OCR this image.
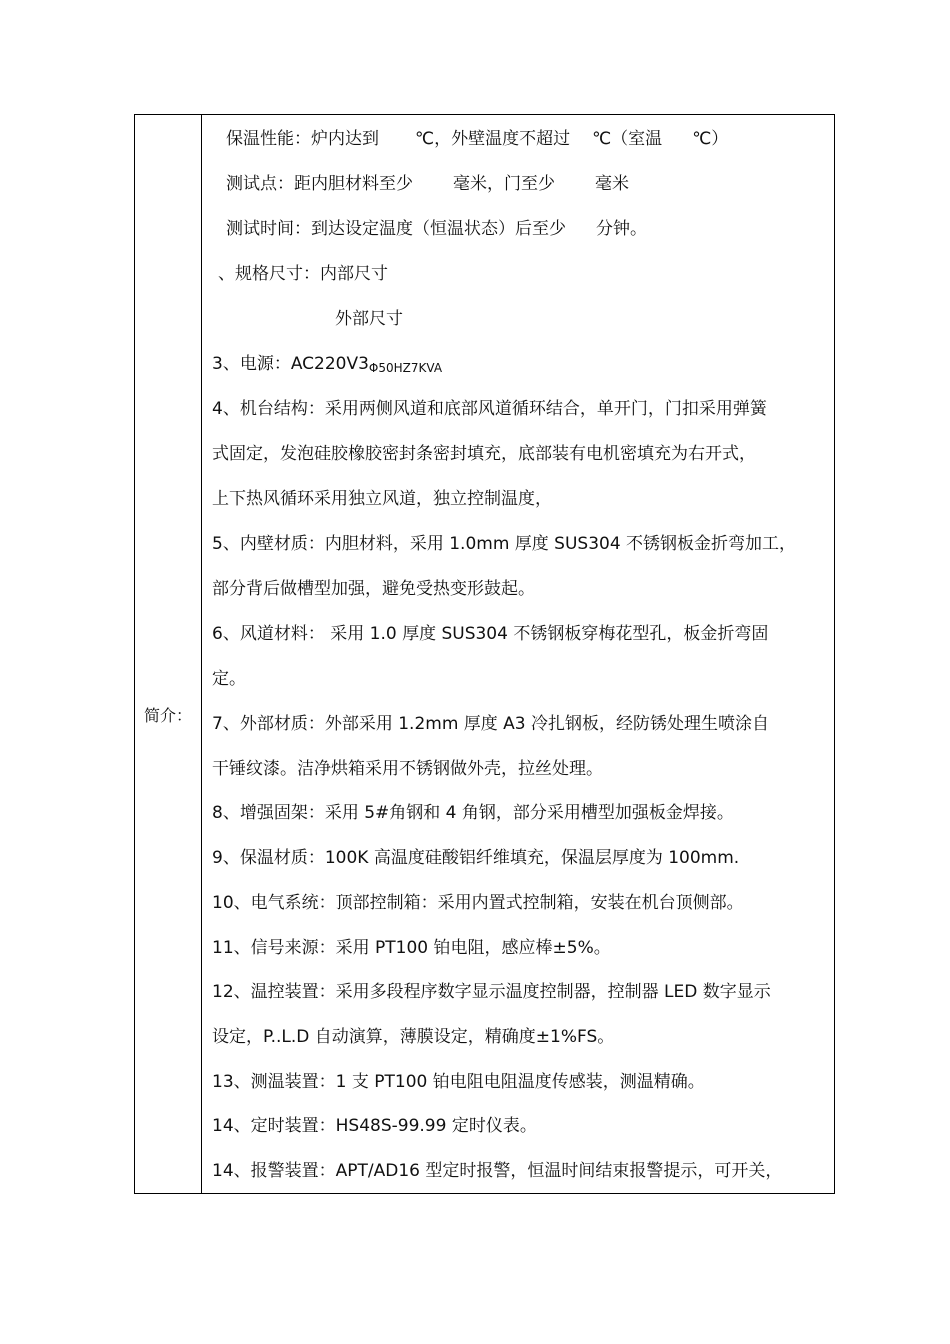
简介：
保温性能：炉内达到 ℃，外壁温度不超过 ℃（室温 ℃）
测试点：距内胆材料至少 毫米，门至少 毫米
测试时间：到达设定温度（恒温状态）后至少 分钟。
、规格尺寸：内部尺寸
外部尺寸
3、电源：$AC220V3_{\Phi 50HZ7KVA}$
4、机台结构：采用两侧风道和底部风道循环结合，单开门，门扣采用弹簧
式固定，发泡硅胶橡胶密封条密封填充，底部装有电机密填充为右开式，
上下热风循环采用独立风道，独立控制温度，
5、内壁材质：内胆材料，采用 1.0mm 厚度 SUS304 不锈钢板金折弯加工，
部分背后做槽型加强，避免受热变形鼓起。
6、风道材料： 采用 1.0 厚度 SUS304 不锈钢板穿梅花型孔，板金折弯固
定。
7、外部材质：外部采用 1.2mm 厚度 A3 冷扎钢板，经防锈处理生喷涂自
干锤纹漆。洁净烘箱采用不锈钢做外壳，拉丝处理。
8、增强固架：采用 5#角钢和 4 角钢，部分采用槽型加强板金焊接。
9、保温材质：100K 高温度硅酸铝纤维填充，保温层厚度为 100mm.
10、电气系统：顶部控制箱：采用内置式控制箱，安装在机台顶侧部。
11、信号来源：采用 PT100 铂电阻，感应棒±5%。
12、温控装置：采用多段程序数字显示温度控制器，控制器 LED 数字显示
设定，P..L.D 自动演算，薄膜设定，精确度±1%FS。
13、测温装置：1 支 PT100 铂电阻电阻温度传感装，测温精确。
14、定时装置：HS48S-99.99 定时仪表。
14、报警装置：APT/AD16 型定时报警，恒温时间结束报警提示，可开关，
